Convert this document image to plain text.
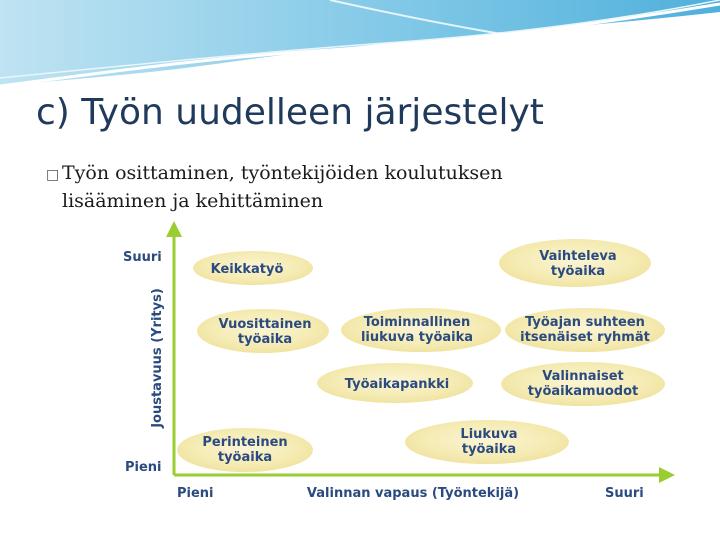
c) Työn uudelleen järjestelyt
□ Työn osittaminen, työntekijöiden koulutuksen
lisääminen ja kehittäminen
Suuri
Pieni
Joustavuus (Yritys)
Pieni	Valinnan vapaus (Työntekijä)	Suuri
Keikkatyö
Vaihteleva
työaika
Vuosittainen
työaika
Toiminnallinen
liukuva työaika
Työajan suhteen
itsenäiset ryhmät
Työaikapankki
Valinnaiset
työaikamuodot
Perinteinen
työaika
Liukuva
työaika
